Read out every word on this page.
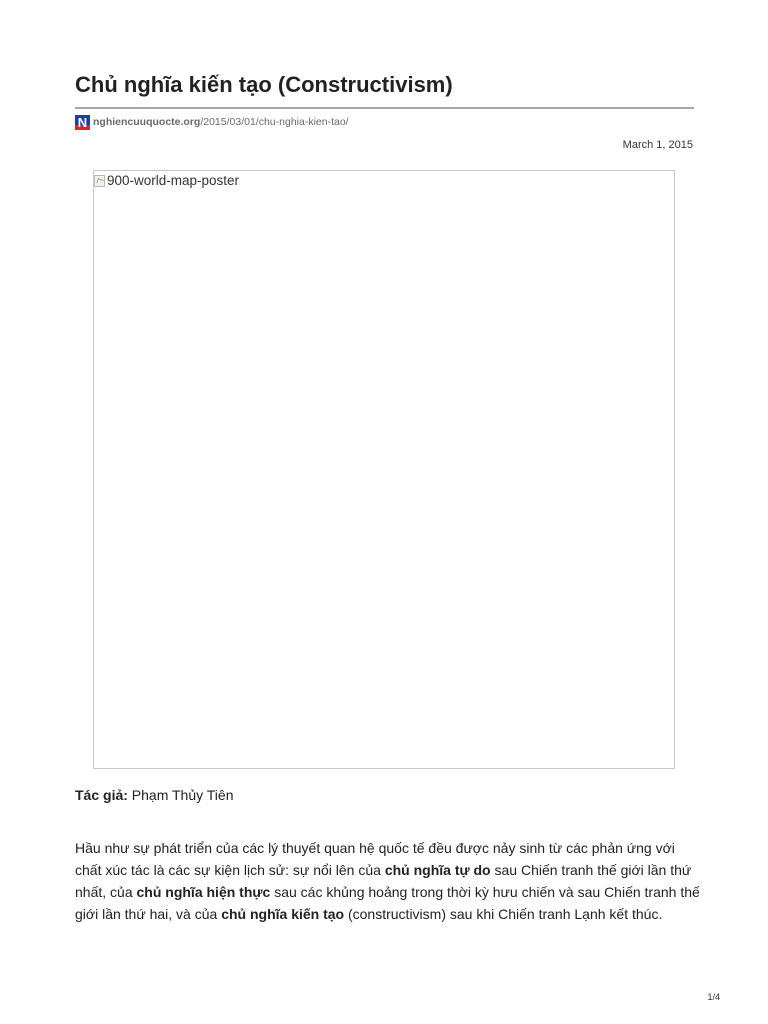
Chủ nghĩa kiến tạo (Constructivism)
N nghiencuuquocte.org /2015/03/01/chu-nghia-kien-tao/
March 1, 2015
900-world-map-poster
Tác giả: Phạm Thủy Tiên

Hầu như sự phát triển của các lý thuyết quan hệ quốc tế đều được nảy sinh từ các phản ứng với chất xúc tác là các sự kiện lịch sử: sự nổi lên của chủ nghĩa tự do sau Chiến tranh thế giới lần thứ nhất, của chủ nghĩa hiện thực sau các khủng hoảng trong thời kỳ hưu chiến và sau Chiến tranh thế giới lần thứ hai, và của chủ nghĩa kiến tạo (constructivism) sau khi Chiến tranh Lạnh kết thúc.

1/4
